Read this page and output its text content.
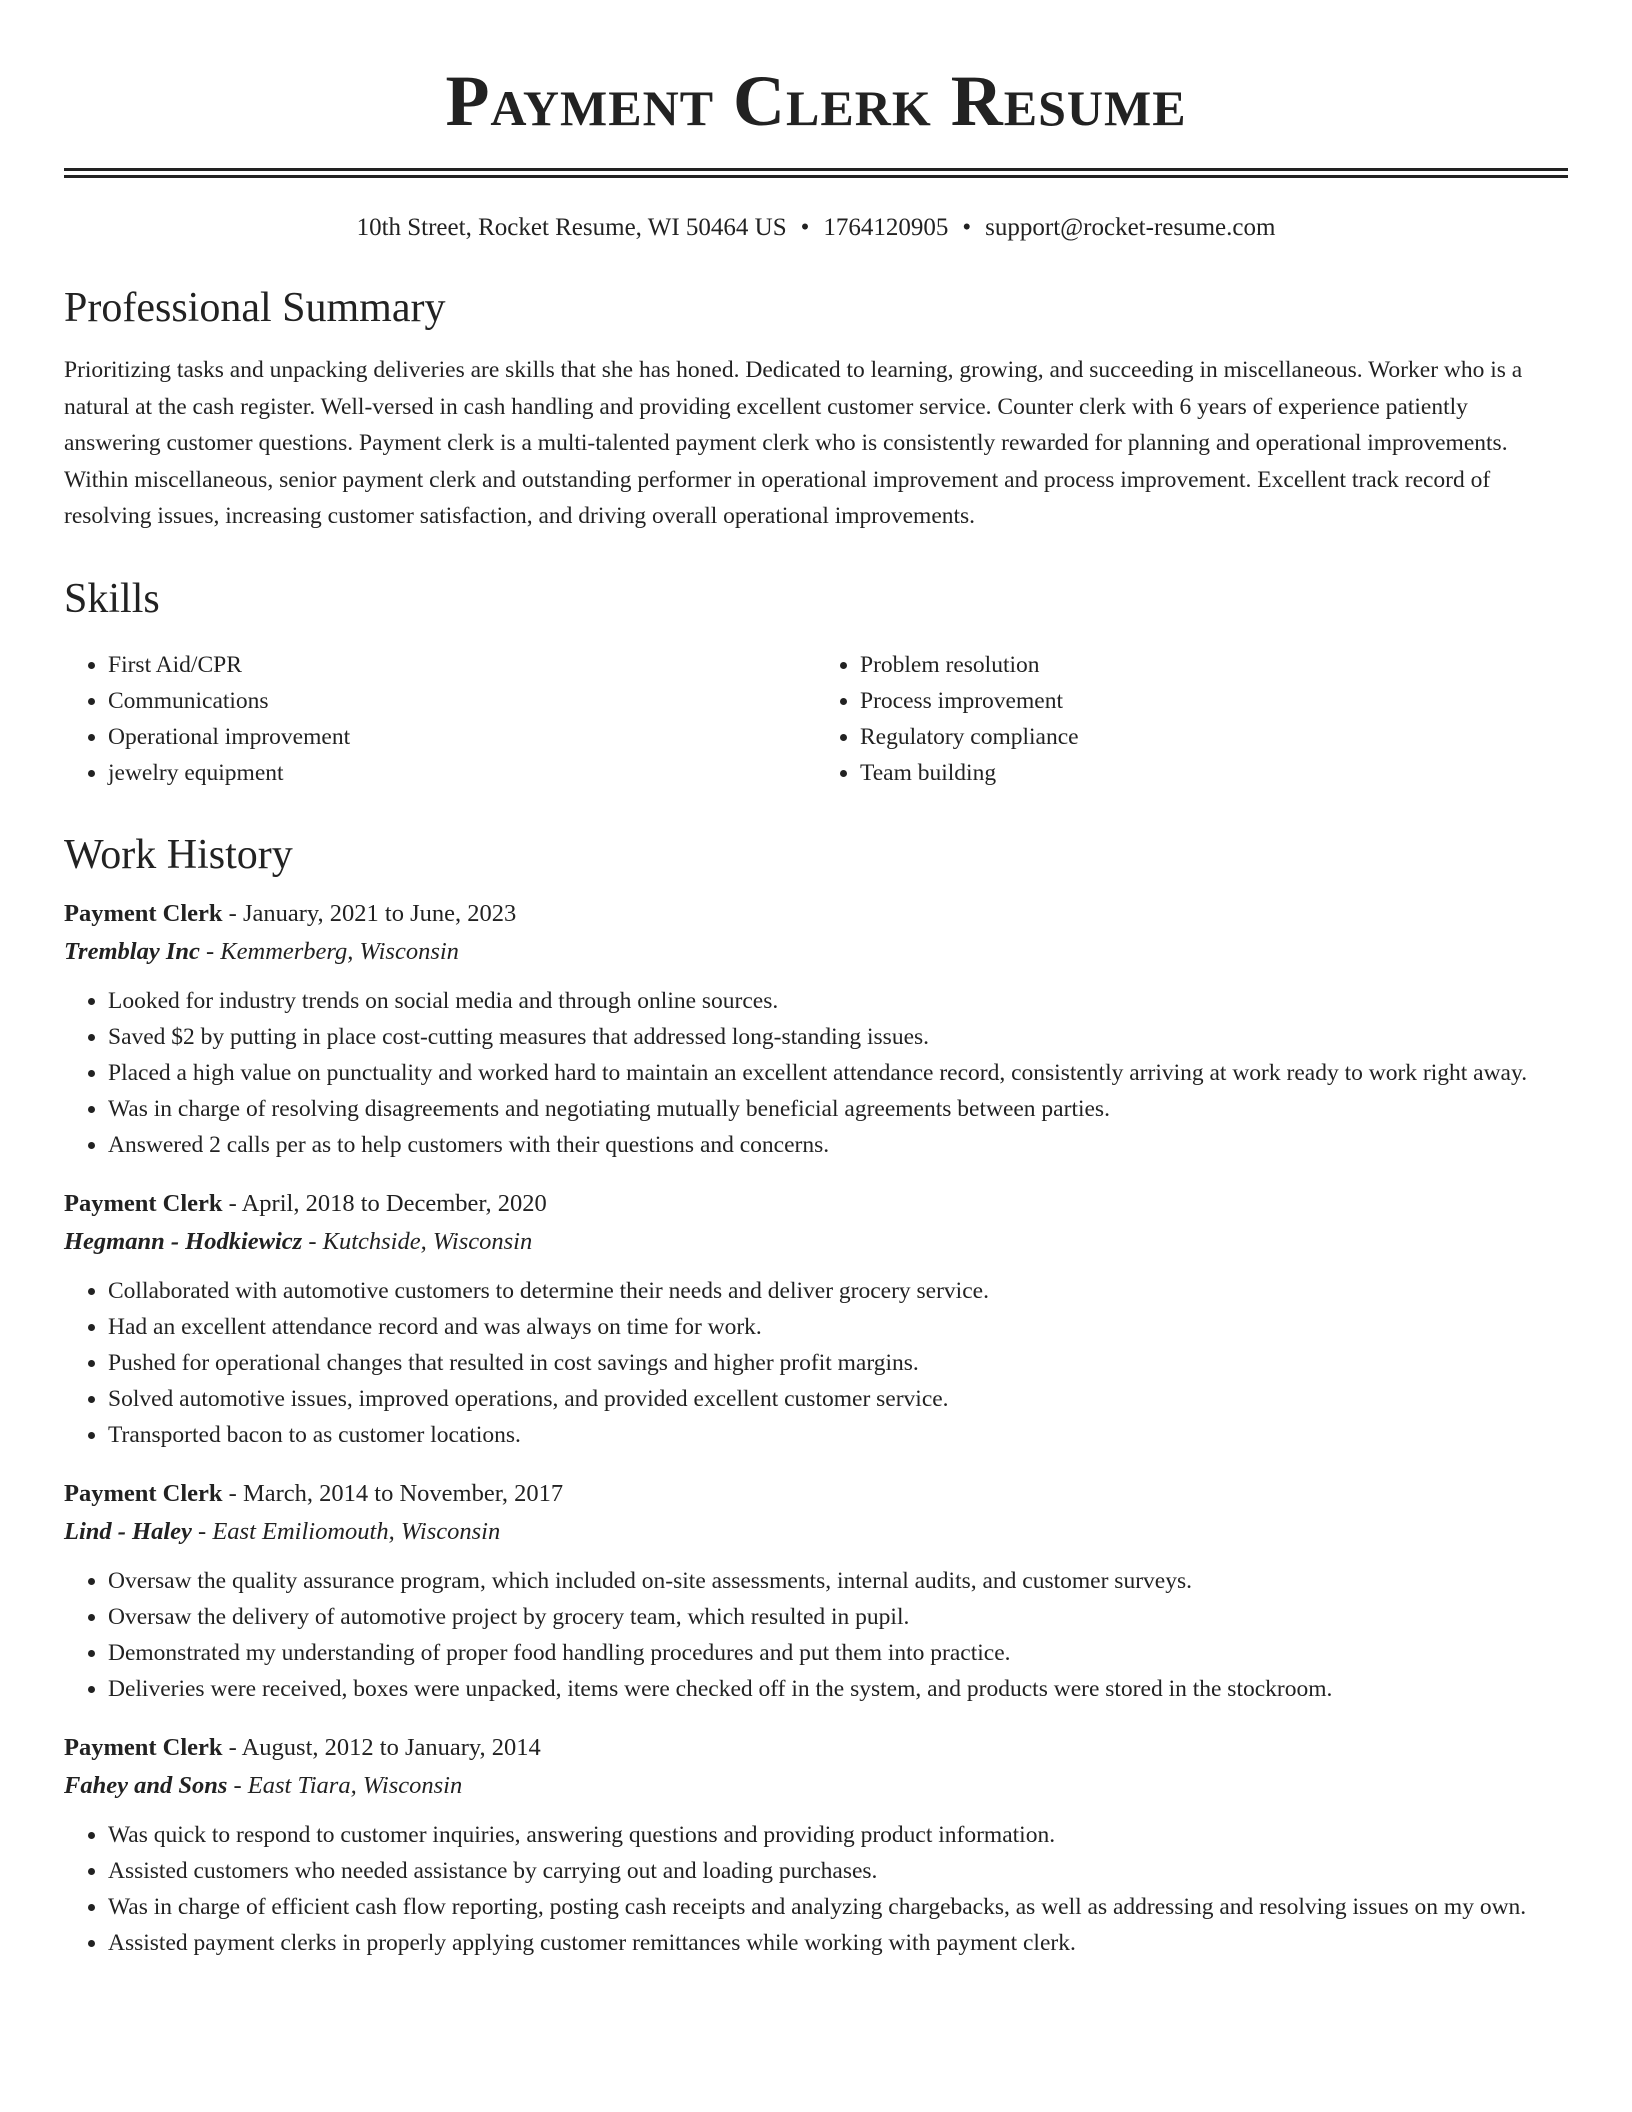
Payment Clerk Resume
10th Street, Rocket Resume, WI 50464 US • 1764120905 • support@rocket-resume.com
Professional Summary

Prioritizing tasks and unpacking deliveries are skills that she has honed. Dedicated to learning, growing, and succeeding in miscellaneous. Worker who is a natural at the cash register. Well-versed in cash handling and providing excellent customer service. Counter clerk with 6 years of experience patiently answering customer questions. Payment clerk is a multi-talented payment clerk who is consistently rewarded for planning and operational improvements. Within miscellaneous, senior payment clerk and outstanding performer in operational improvement and process improvement. Excellent track record of resolving issues, increasing customer satisfaction, and driving overall operational improvements.

Skills
• First Aid/CPR
• Communications
• Operational improvement
• jewelry equipment
• Problem resolution
• Process improvement
• Regulatory compliance
• Team building
Work History
Payment Clerk - January, 2021 to June, 2023
Tremblay Inc - Kemmerberg, Wisconsin
• Looked for industry trends on social media and through online sources.
• Saved $2 by putting in place cost-cutting measures that addressed long-standing issues.
• Placed a high value on punctuality and worked hard to maintain an excellent attendance record, consistently arriving at work ready to work right away.
• Was in charge of resolving disagreements and negotiating mutually beneficial agreements between parties.
• Answered 2 calls per as to help customers with their questions and concerns.
Payment Clerk - April, 2018 to December, 2020
Hegmann - Hodkiewicz - Kutchside, Wisconsin
• Collaborated with automotive customers to determine their needs and deliver grocery service.
• Had an excellent attendance record and was always on time for work.
• Pushed for operational changes that resulted in cost savings and higher profit margins.
• Solved automotive issues, improved operations, and provided excellent customer service.
• Transported bacon to as customer locations.
Payment Clerk - March, 2014 to November, 2017
Lind - Haley - East Emiliomouth, Wisconsin
• Oversaw the quality assurance program, which included on-site assessments, internal audits, and customer surveys.
• Oversaw the delivery of automotive project by grocery team, which resulted in pupil.
• Demonstrated my understanding of proper food handling procedures and put them into practice.
• Deliveries were received, boxes were unpacked, items were checked off in the system, and products were stored in the stockroom.
Payment Clerk - August, 2012 to January, 2014
Fahey and Sons - East Tiara, Wisconsin
• Was quick to respond to customer inquiries, answering questions and providing product information.
• Assisted customers who needed assistance by carrying out and loading purchases.
• Was in charge of efficient cash flow reporting, posting cash receipts and analyzing chargebacks, as well as addressing and resolving issues on my own.
• Assisted payment clerks in properly applying customer remittances while working with payment clerk.
